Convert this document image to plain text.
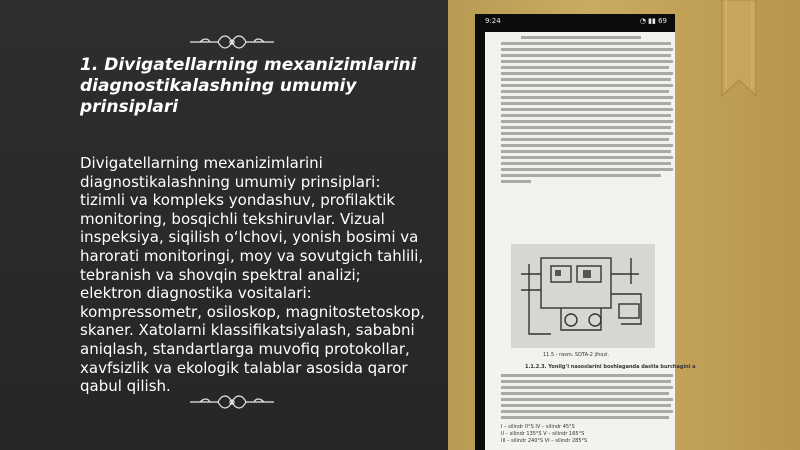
1. Divigatellarning mexanizimlarini diagnostikalashning umumiy prinsiplari
Divigatellarning mexanizimlarini diagnostikalashning umumiy prinsiplari: tizimli va kompleks yondashuv, profilaktik monitoring, bosqichli tekshiruvlar. Vizual inspeksiya, siqilish o‘lchovi, yonish bosimi va harorati monitoringi, moy va sovutgich tahlili, tebranish va shovqin spektral analizi; elektron diagnostika vositalari: kompressometr, osiloskop, magnitostetoskop, skaner. Xatolarni klassifikatsiyalash, sababni aniqlash, standartlarga muvofiq protokollar, xavfsizlik va ekologik talablar asosida qaror qabul qilish.
9:24	◔ ▮▮ 69
11.5 - rasm. SDTA-2 jihozi.
1.1.2.3. Yonilg‘i nasoslarini boshlaganda dastla burchagini a
I – silindr 0°S IV – silindr 45°S
II – silindr 135°S V – silindr 165°S
III – silindr 240°S VI – silindr 285°S
